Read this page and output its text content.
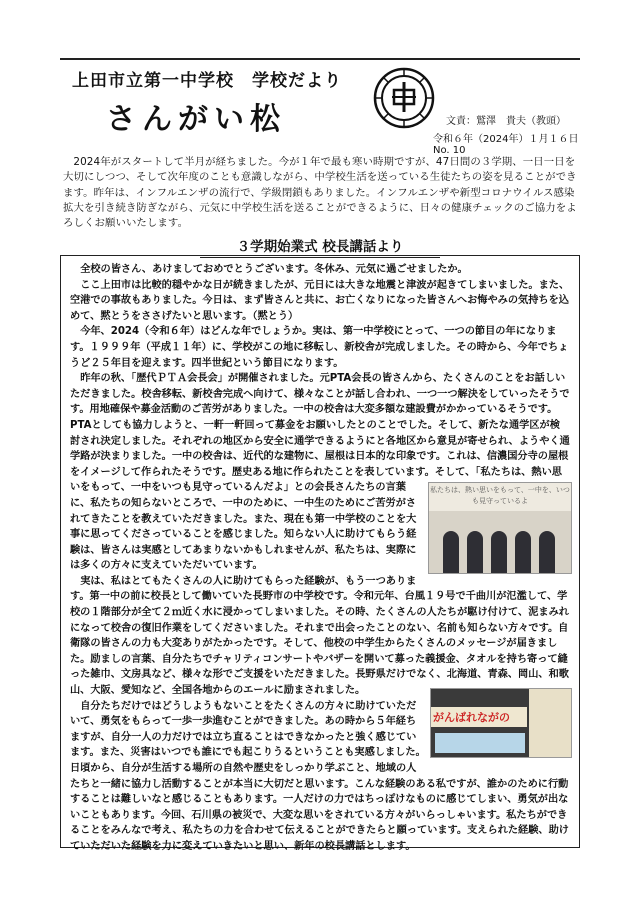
上田市立第一中学校　学校だより
さんがい松	文責：鷲澤　貴夫（教頭）
令和６年（2024年）１月１６日　No. 10
2024年がスタートして半月が経ちました。今が１年で最も寒い時期ですが、47日間の３学期、一日一日を大切にしつつ、そして次年度のことも意識しながら、中学校生活を送っている生徒たちの姿を見ることができます。昨年は、インフルエンザの流行で、学級閉鎖もありました。インフルエンザや新型コロナウイルス感染拡大を引き続き防ぎながら、元気に中学校生活を送ることができるように、日々の健康チェックのご協力をよろしくお願いいたします。
３学期始業式 校長講話より
私たちは、熱い思いをもって、一中を、いつも見守っているよ
がんばれながの

全校の皆さん、あけましておめでとうございます。冬休み、元気に過ごせましたか。

ここ上田市は比較的穏やかな日が続きましたが、元日には大きな地震と津波が起きてしまいました。また、空港での事故もありました。今日は、まず皆さんと共に、お亡くなりになった皆さんへお悔やみの気持ちを込めて、黙とうをささげたいと思います。（黙とう）

今年、2024（令和６年）はどんな年でしょうか。実は、第一中学校にとって、一つの節目の年になります。１９９９年（平成１１年）に、学校がこの地に移転し、新校舎が完成しました。その時から、今年でちょうど２５年目を迎えます。四半世紀という節目になります。

昨年の秋、「歴代ＰＴＡ会長会」が開催されました。元PTA会長の皆さんから、たくさんのことをお話しいただきました。校舎移転、新校舎完成へ向けて、様々なことが話し合われ、一つ一つ解決をしていったそうです。用地確保や募金活動のご苦労がありました。一中の校舎は大変多額な建設費がかかっているそうです。PTAとしても協力しようと、一軒一軒回って募金をお願いしたとのことでした。そして、新たな通学区が検討され決定しました。それぞれの地区から安全に通学できるようにと各地区から意見が寄せられ、ようやく通学路が決まりました。一中の校舎は、近代的な建物に、屋根は日本的な印象です。これは、信濃国分寺の屋根をイメージして作られたそうです。歴史ある地に作られたことを表しています。そして、「私たちは、熱い思いをもって、一中をいつも見守っているんだよ」との会長さんたちの言葉に、私たちの知らないところで、一中のために、一中生のためにご苦労がされてきたことを教えていただきました。また、現在も第一中学校のことを大事に思ってくださっていることを感じました。知らない人に助けてもらう経験は、皆さんは実感としてあまりないかもしれませんが、私たちは、実際には多くの方々に支えていただいています。

実は、私はとてもたくさんの人に助けてもらった経験が、もう一つあります。第一中の前に校長として働いていた長野市の中学校です。令和元年、台風１９号で千曲川が氾濫して、学校の１階部分が全て２ｍ近く水に浸かってしまいました。その時、たくさんの人たちが駆け付けて、泥まみれになって校舎の復旧作業をしてくださいました。それまで出会ったことのない、名前も知らない方々です。自衛隊の皆さんの力も大変ありがたかったです。そして、他校の中学生からたくさんのメッセージが届きました。励ましの言葉、自分たちでチャリティコンサートやバザーを開いて募った義援金、タオルを持ち寄って縫った雑巾、文房具など、様々な形でご支援をいただきました。長野県だけでなく、北海道、青森、岡山、和歌山、大阪、愛知など、全国各地からのエールに励まされました。

自分たちだけではどうしようもないことをたくさんの方々に助けていただいて、勇気をもらって一歩一歩進むことができました。あの時から５年経ちますが、自分一人の力だけでは立ち直ることはできなかったと強く感じています。また、災害はいつでも誰にでも起こりうるということも実感しました。日頃から、自分が生活する場所の自然や歴史をしっかり学ぶこと、地域の人たちと一緒に協力し活動することが本当に大切だと思います。こんな経験のある私ですが、誰かのために行動することは難しいなと感じることもあります。一人だけの力ではちっぽけなものに感じてしまい、勇気が出ないこともあります。今回、石川県の被災で、大変な思いをされている方々がいらっしゃいます。私たちができることをみんなで考え、私たちの力を合わせて伝えることができたらと願っています。支えられた経験、助けていただいた経験を力に変えていきたいと思い、新年の校長講話とします。
